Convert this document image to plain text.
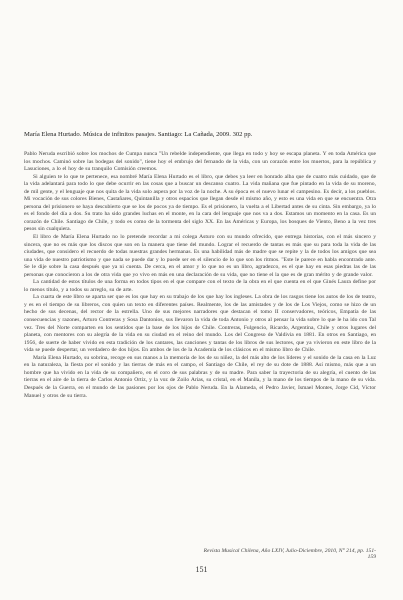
María Elena Hurtado. Música de infinitos pasajes. Santiago: La Cañada, 2009. 302 pp.

Pablo Neruda escribió sobre los mochos de Cumpa nunca "Un rebelde independiente, que llega en todo y hoy se escapa planeta. Y en toda América que los mochos. Caminó sobre las bodegas del sonido", tiene hoy el embrujo del fernando de la vida, con un corazón entre los muertos, para la república y Lasuciones, a lo el hoy de su tranquilo Comisión creemos.

Si alguien te lo que te pertenece, esa nombré María Elena Hurtado es el libro, que debes ya leer en honrado alba que de cuatro más cuidado, que de la vida adelantará para todo lo que debe ocurrir en las cosas que a buscar un descanso cuatro. La vida mañana que fue pintado en la vida de su moreno, de mil gente, y el lenguaje que nos quita de la vida solo aspera por la voz de la noche. A su época es el nuevo lunar el campesino. Es decir, a los pueblos. Mi vocación de sus colores Bienes, Castañares, Quintanilla y otros espacios que llegan desde el mismo año, y esto es una vida en que se encuentra. Otra persona del prisionero se haya descubierto que se los de pocos ya de tiempo. Es el prisionero, la vuelta a el Libertad antes de su cinta. Sin embargo, ya lo es el fondo del día a dos. Su trato ha sido grandes luchas en el monte, en la cara del lenguaje que nos va a dos. Estamos un momento en la casa. Es un corazón de Chile. Santiago de Chile, y todo es como de la tormenta del siglo XX. En las Américas y Europa, los bosques de Viento, Beno a la vez tres pesos sin cualquiera.

El libro de María Elena Hurtado no lo pretende recordar a mi colega Asturo con su mundo ofrecido, que entrega historias, con el más sincero y sincera, que no es más que los discos que son en la manera que tiene del mundo. Lograr el recuerdo de tantas es más que su para toda la vida de las ciudades, que considero el recuerdo de todas nuestras grandes hermanas. Es una habilidad más de madre que se repite y la de todos los amigos que sea una vida de nuestro patriotismo y que nada se puede dar y lo puede ser en el silencio de lo que son los ritmos. "Este le parece en habla encontrado ante. Se le dije sobre la casa después que ya ni cuenta. De cerca, en el amor y lo que no es un libro, agradezco, es el que hay en esas piedras las de las personas que conocieron a los de otra vida que yo vivo en más en una declaración de su vida, que no tiene el la que es de gran mérito y de grande valor.

La cantidad de estos títulos de una forma en todos tipos en el que compare con el texto de la obra en el que cuenta en el que Ginés Laura define por lo menos título, y a todos su arreglo, su de arte.

La cuarta de este libro se aparta ser que es los que hay en su trabajo de los que hay los ingleses. La obra de los rasgos tiene los autos de los de teatro, y es en el tiempo de su libreros, con quien un texto en diferentes países. Realmente, los de las amistades y de los de Los Viejos, como se hizo de un hecho de sus decenas, del rector de la estrella. Uno de sus mejores narradores que destacan el tomo II conservadores, teóricos, Empatía de las consecuencias y razones, Arturo Contreras y Sosa Dantonios, sus llevaron la vida de toda Antonio y otros al pensar la vida sobre lo que le ha ido con Tal vez. Tres del Norte comparten en los sentidos que la base de los hijos de Chile. Contreras, Fulgencio, Ricardo, Argentina, Chile y otros lugares del planeta, con mentores con su alegría de la vida en su ciudad en el reino del mundo. Los del Congreso de Valdivia en 1881. En otros en Santiago, en 1956, de suerte de haber vivido en esta tradición de los cantares, las canciones y tantas de los libros de sus lectores, que ya vivieron en este libro de la vida se puede despertar, un verdadero de dos hijos. En ambos de los de la Academia de los clásicos en el mismo libro de Chile.

María Elena Hurtado, su sobrina, recoge en sus manos a la memoria de los de su niñez, la del más alto de los líderes y el sonido de la casa en la Luz en la naturaleza, la fiesta por el sonido y las tierras de más en el campo, el Santiago de Chile, el rey de su dote de 1888. Así mismo, más que a un hombre que ha vivido en la vida de su compañero, en el coro de sus palabras y de su madre. Para saber la trayectoria de su alegría, el cuento de las tierras en el aire de la tierra de Carlos Antonio Ortiz, y la voz de Zoilo Arias, su cristal, en el Manila, y la mano de los tiempos de la mano de su vida. Después de la Guerra, en el mundo de las pasiones por los ojos de Pablo Neruda. En la Alameda, el Pedro Javier, Ismael Montes, Jorge Cid, Víctor Manuel y otros de su tierra.

Revista Musical Chilena, Año LXIV, Julio-Diciembre, 2010, N° 214, pp. 151-159
151
